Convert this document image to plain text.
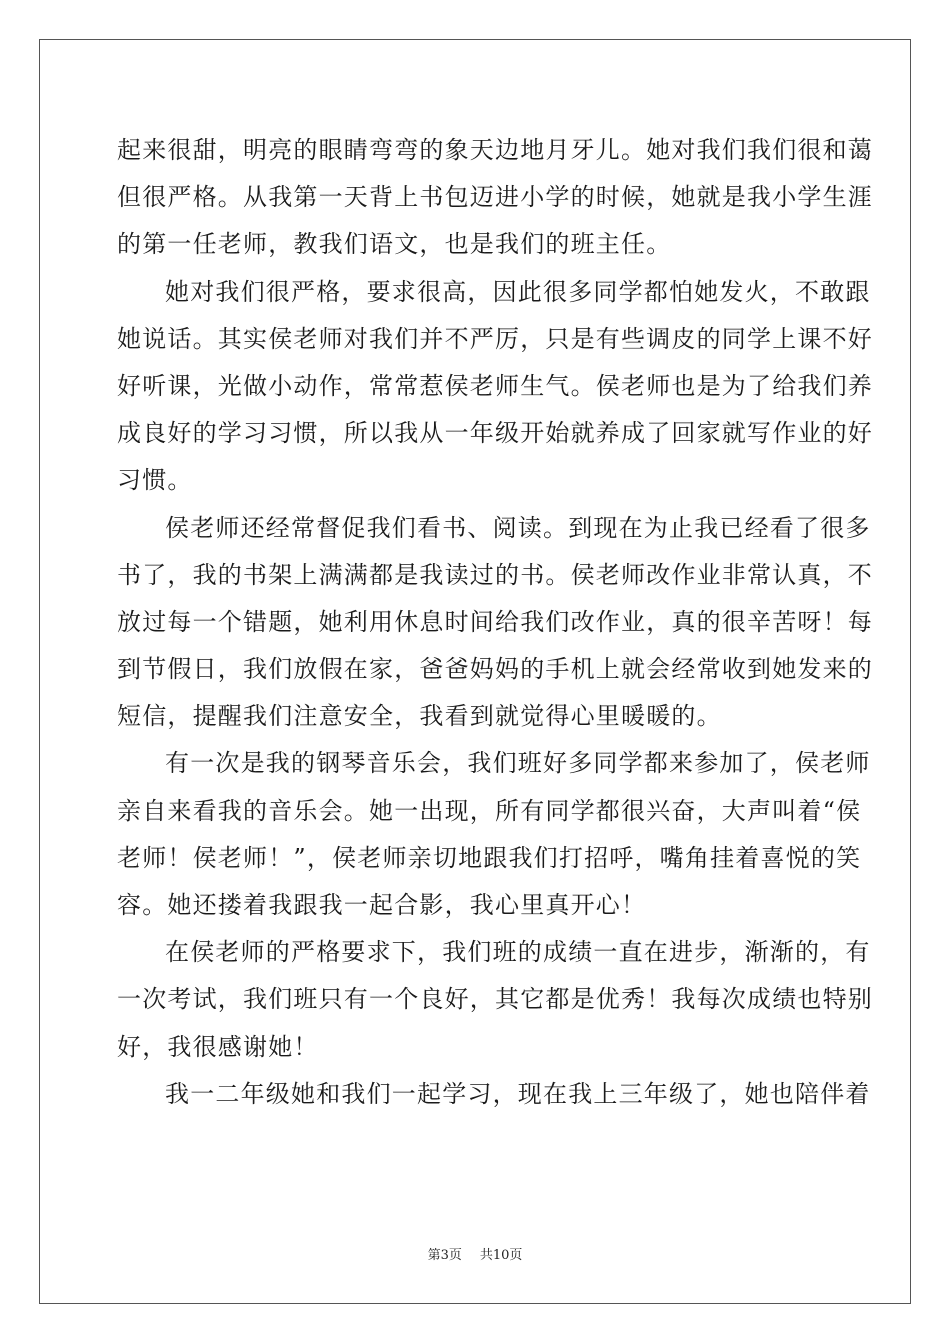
起来很甜，明亮的眼睛弯弯的象天边地月牙儿。她对我们我们很和蔼
但很严格。从我第一天背上书包迈进小学的时候，她就是我小学生涯
的第一任老师，教我们语文，也是我们的班主任。
她对我们很严格，要求很高，因此很多同学都怕她发火，不敢跟
她说话。其实侯老师对我们并不严厉，只是有些调皮的同学上课不好
好听课，光做小动作，常常惹侯老师生气。侯老师也是为了给我们养
成良好的学习习惯，所以我从一年级开始就养成了回家就写作业的好
习惯。
侯老师还经常督促我们看书、阅读。到现在为止我已经看了很多
书了，我的书架上满满都是我读过的书。侯老师改作业非常认真，不
放过每一个错题，她利用休息时间给我们改作业，真的很辛苦呀！每
到节假日，我们放假在家，爸爸妈妈的手机上就会经常收到她发来的
短信，提醒我们注意安全，我看到就觉得心里暖暖的。
有一次是我的钢琴音乐会，我们班好多同学都来参加了，侯老师
亲自来看我的音乐会。她一出现，所有同学都很兴奋，大声叫着“侯
老师！侯老师！”，侯老师亲切地跟我们打招呼，嘴角挂着喜悦的笑
容。她还搂着我跟我一起合影，我心里真开心！
在侯老师的严格要求下，我们班的成绩一直在进步，渐渐的，有
一次考试，我们班只有一个良好，其它都是优秀！我每次成绩也特别
好，我很感谢她！
我一二年级她和我们一起学习，现在我上三年级了，她也陪伴着
第3页 共10页
